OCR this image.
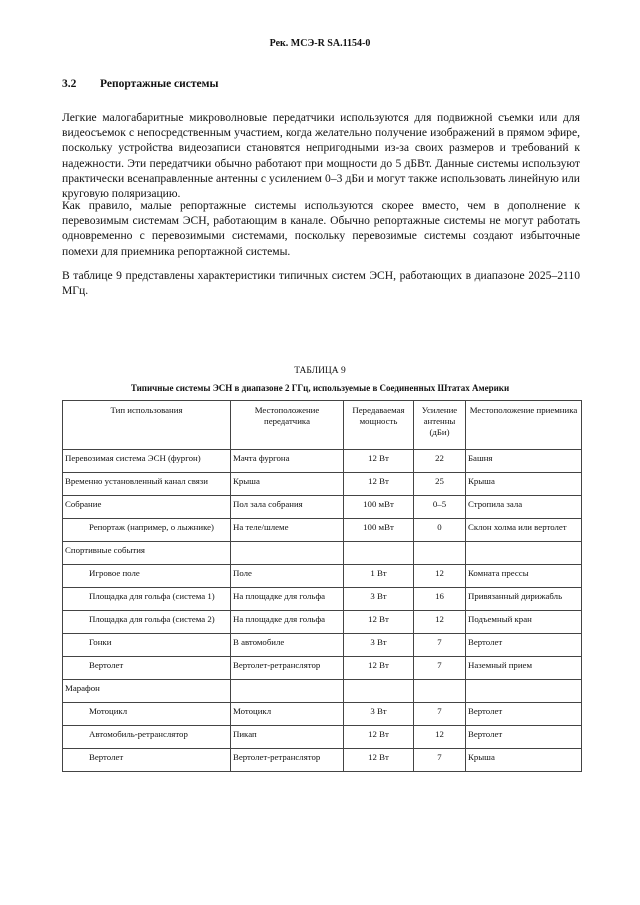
Рек. МСЭ-R SA.1154-0
3.2 Репортажные системы

Легкие малогабаритные микроволновые передатчики используются для подвижной съемки или для видеосъемок с непосредственным участием, когда желательно получение изображений в прямом эфире, поскольку устройства видеозаписи становятся непригодными из-за своих размеров и требований к надежности. Эти передатчики обычно работают при мощности до 5 дБВт. Данные системы используют практически всенаправленные антенны с усилением 0–3 дБи и могут также использовать линейную или круговую поляризацию.

Как правило, малые репортажные системы используются скорее вместо, чем в дополнение к перевозимым системам ЭСН, работающим в канале. Обычно репортажные системы не могут работать одновременно с перевозимыми системами, поскольку перевозимые системы создают избыточные помехи для приемника репортажной системы.

В таблице 9 представлены характеристики типичных систем ЭСН, работающих в диапазоне 2025–2110 МГц.

ТАБЛИЦА 9
Типичные системы ЭСН в диапазоне 2 ГГц, используемые в Соединенных Штатах Америки
Тип использования	Местоположение передатчика	Передаваемая мощность	Усиление антенны (дБи)	Местоположение приемника
Перевозимая система ЭСН (фургон)	Мачта фургона	12 Вт	22	Башня
Временно установленный канал связи	Крыша	12 Вт	25	Крыша
Собрание	Пол зала собрания	100 мВт	0–5	Стропила зала
Репортаж (например, о лыжнике)	На теле/шлеме	100 мВт	0	Склон холма или вертолет
Спортивные события				
Игровое поле	Поле	1 Вт	12	Комната прессы
Площадка для гольфа (система 1)	На площадке для гольфа	3 Вт	16	Привязанный дирижабль
Площадка для гольфа (система 2)	На площадке для гольфа	12 Вт	12	Подъемный кран
Гонки	В автомобиле	3 Вт	7	Вертолет
Вертолет	Вертолет-ретранслятор	12 Вт	7	Наземный прием
Марафон				
Мотоцикл	Мотоцикл	3 Вт	7	Вертолет
Автомобиль-ретранслятор	Пикап	12 Вт	12	Вертолет
Вертолет	Вертолет-ретранслятор	12 Вт	7	Крыша
